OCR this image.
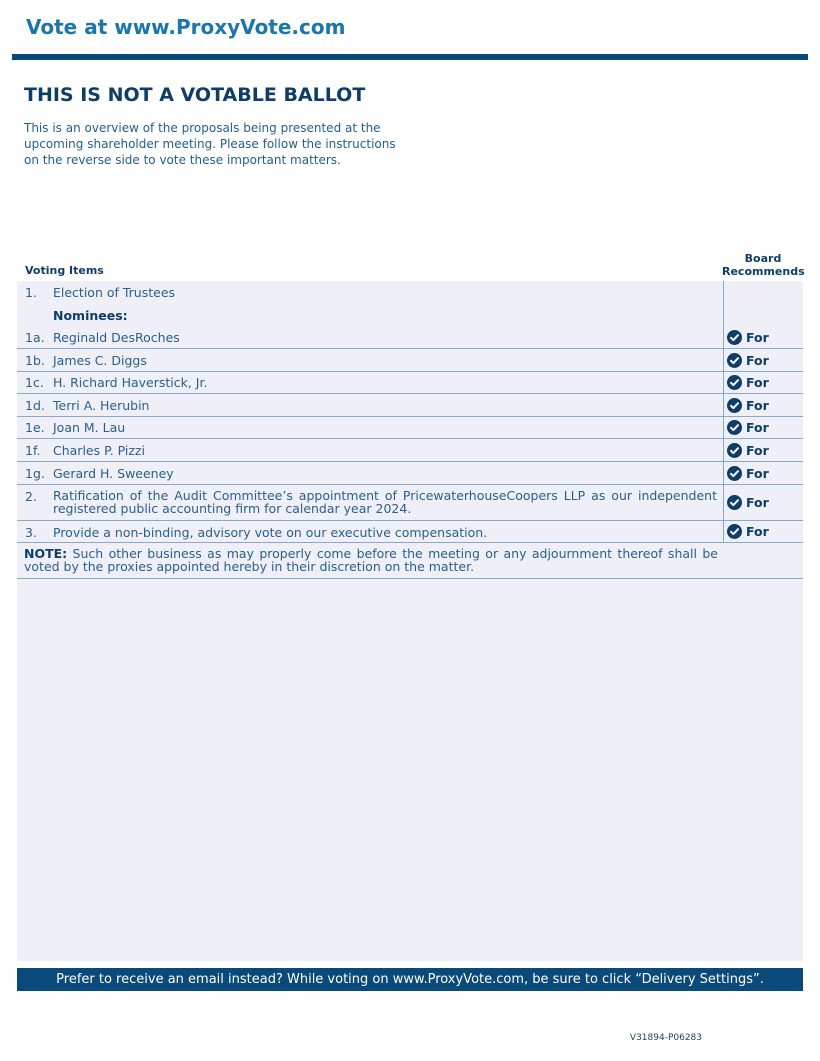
Vote at www.ProxyVote.com
THIS IS NOT A VOTABLE BALLOT
This is an overview of the proposals being presented at the upcoming shareholder meeting. Please follow the instructions on the reverse side to vote these important matters.
Voting Items
Board Recommends
1. Election of Trustees
Nominees:
1a. Reginald DesRoches	For
1b. James C. Diggs	For
1c. H. Richard Haverstick, Jr.	For
1d. Terri A. Herubin	For
1e. Joan M. Lau	For
1f. Charles P. Pizzi	For
1g. Gerard H. Sweeney	For
2. Ratification of the Audit Committee’s appointment of PricewaterhouseCoopers LLP as our independent registered public accounting firm for calendar year 2024.	For
3. Provide a non-binding, advisory vote on our executive compensation.	For
NOTE: Such other business as may properly come before the meeting or any adjournment thereof shall be voted by the proxies appointed hereby in their discretion on the matter.
Prefer to receive an email instead? While voting on www.ProxyVote.com, be sure to click “Delivery Settings”.
V31894-P06283
